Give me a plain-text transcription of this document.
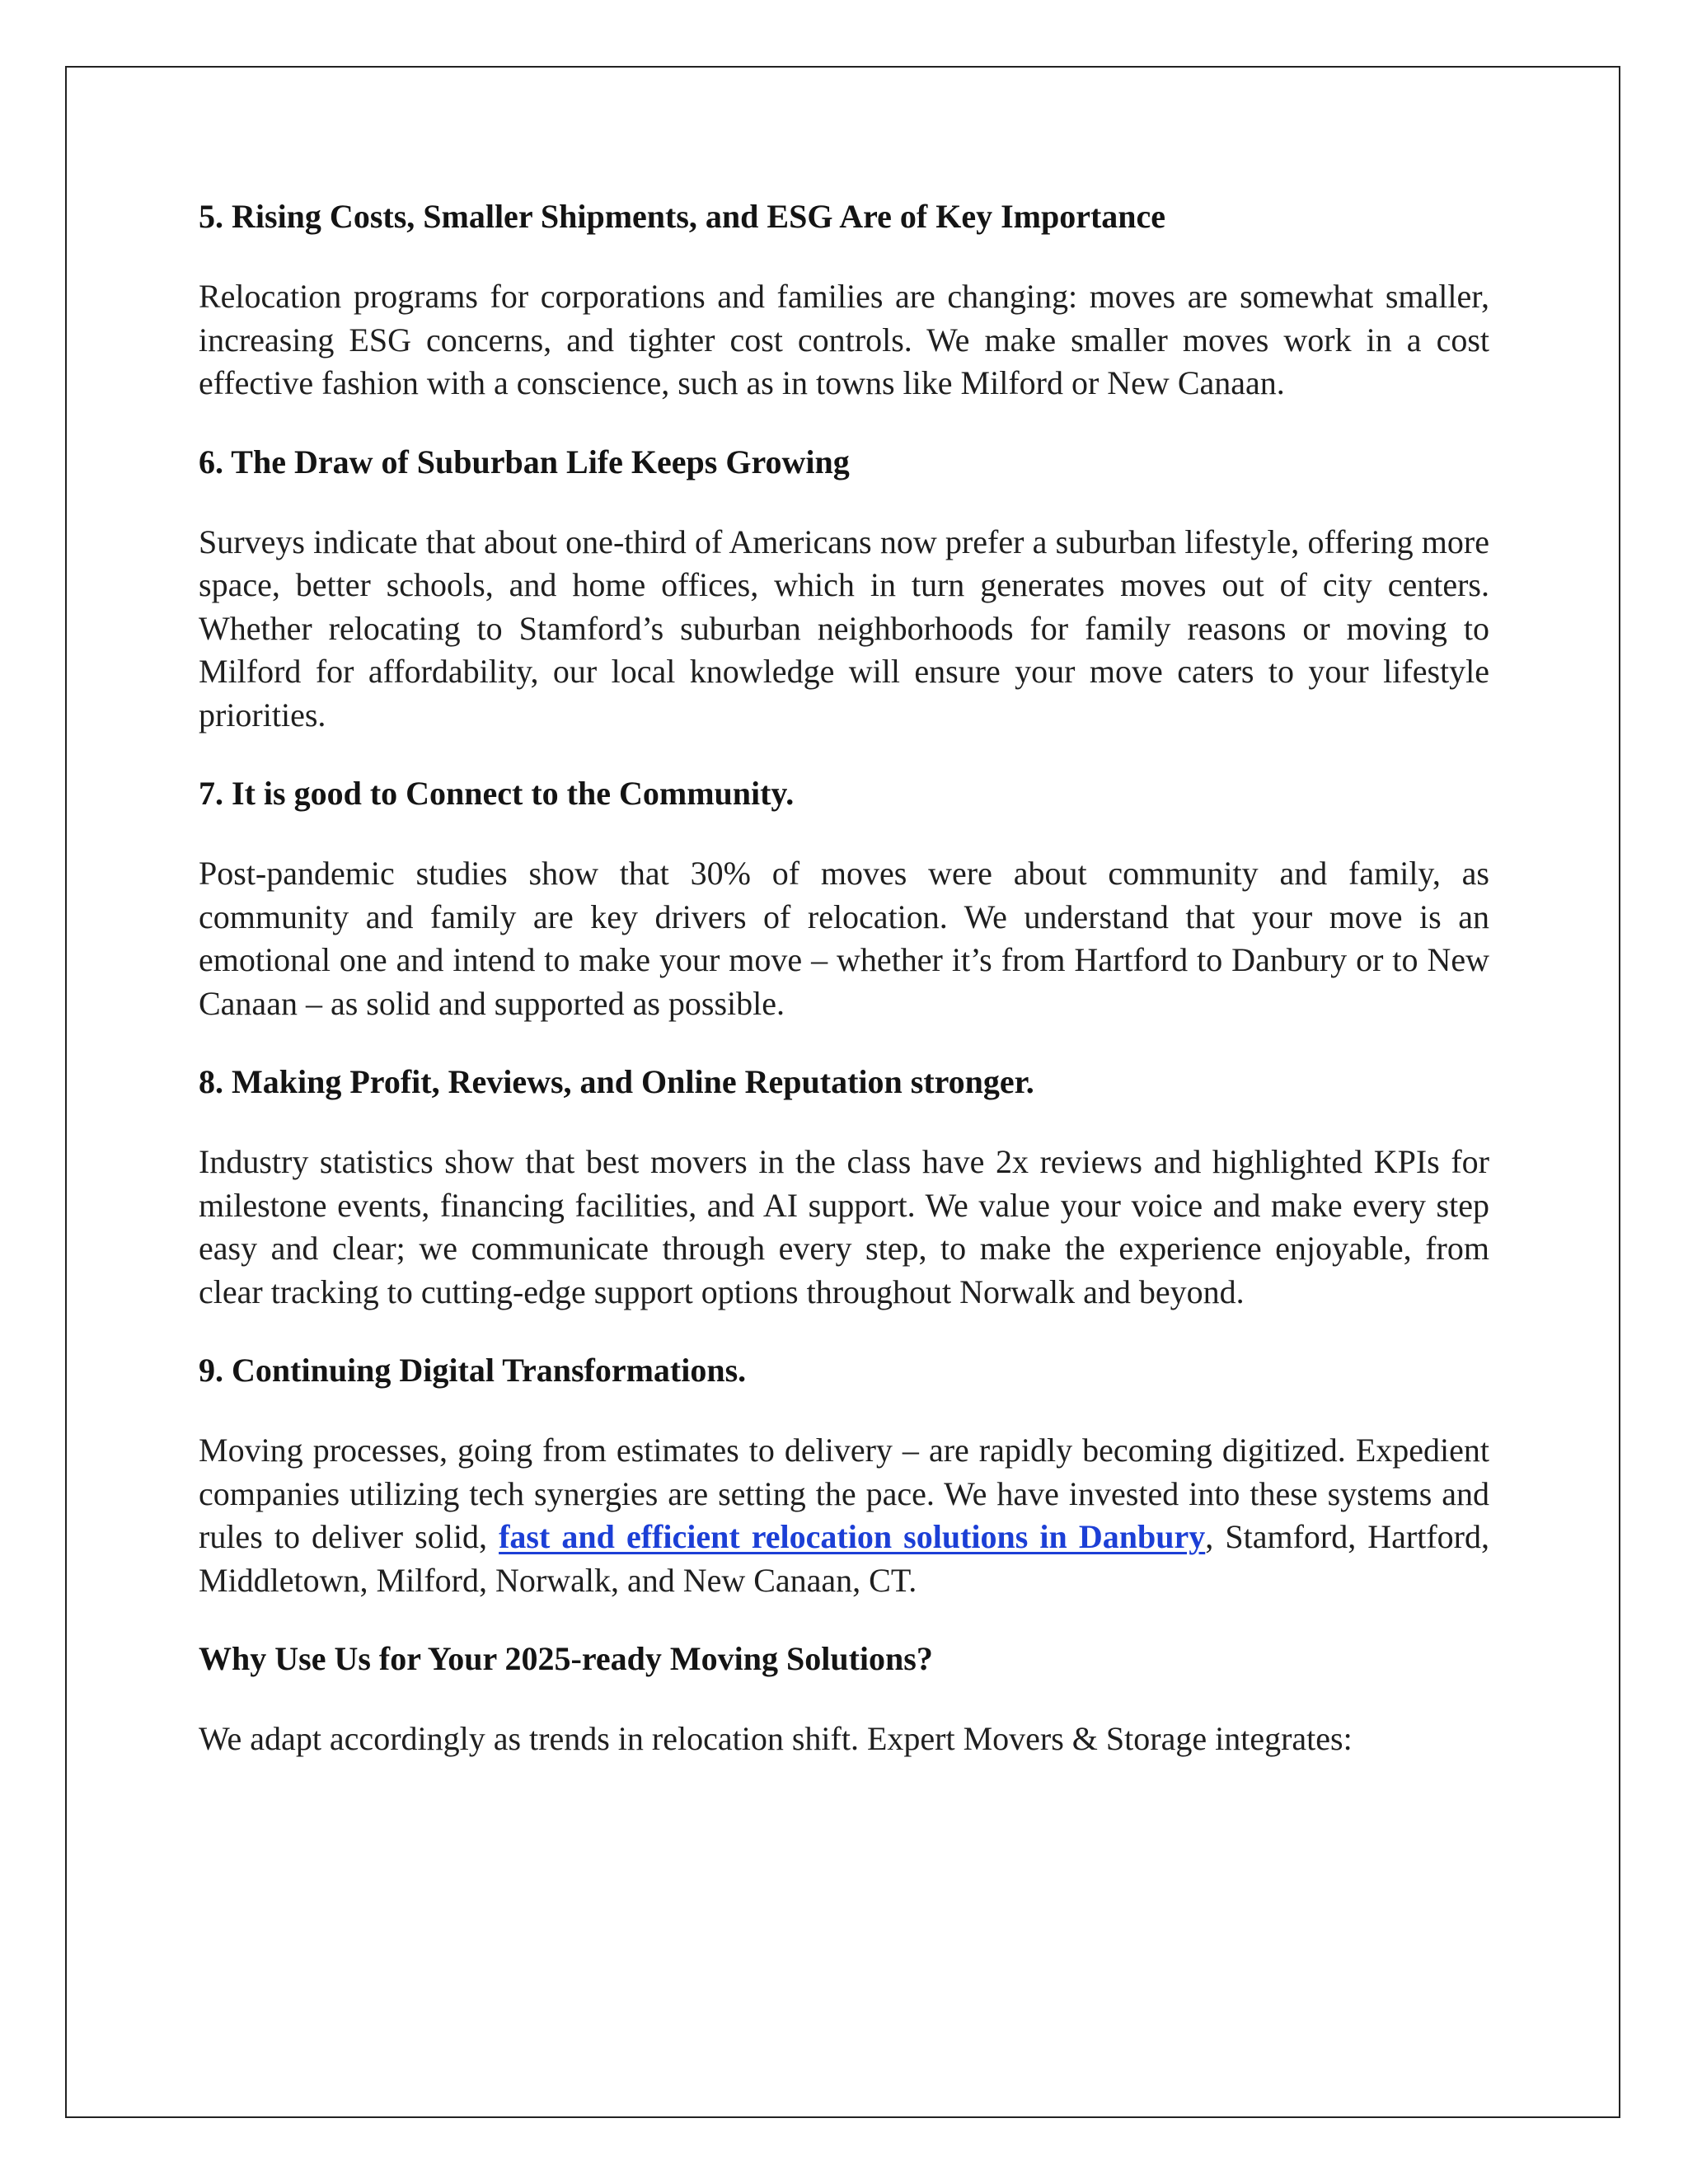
5. Rising Costs, Smaller Shipments, and ESG Are of Key Importance

Relocation programs for corporations and families are changing: moves are somewhat smaller, increasing ESG concerns, and tighter cost controls. We make smaller moves work in a cost effective fashion with a conscience, such as in towns like Milford or New Canaan.

6. The Draw of Suburban Life Keeps Growing

Surveys indicate that about one-third of Americans now prefer a suburban lifestyle, offering more space, better schools, and home offices, which in turn generates moves out of city centers. Whether relocating to Stamford’s suburban neighborhoods for family reasons or moving to Milford for affordability, our local knowledge will ensure your move caters to your lifestyle priorities.

7. It is good to Connect to the Community.

Post-pandemic studies show that 30% of moves were about community and family, as community and family are key drivers of relocation. We understand that your move is an emotional one and intend to make your move – whether it’s from Hartford to Danbury or to New Canaan – as solid and supported as possible.

8. Making Profit, Reviews, and Online Reputation stronger.

Industry statistics show that best movers in the class have 2x reviews and highlighted KPIs for milestone events, financing facilities, and AI support. We value your voice and make every step easy and clear; we communicate through every step, to make the experience enjoyable, from clear tracking to cutting-edge support options throughout Norwalk and beyond.

9. Continuing Digital Transformations.

Moving processes, going from estimates to delivery – are rapidly becoming digitized. Expedient companies utilizing tech synergies are setting the pace. We have invested into these systems and rules to deliver solid, fast and efficient relocation solutions in Danbury, Stamford, Hartford, Middletown, Milford, Norwalk, and New Canaan, CT.

Why Use Us for Your 2025-ready Moving Solutions?

We adapt accordingly as trends in relocation shift. Expert Movers & Storage integrates:
